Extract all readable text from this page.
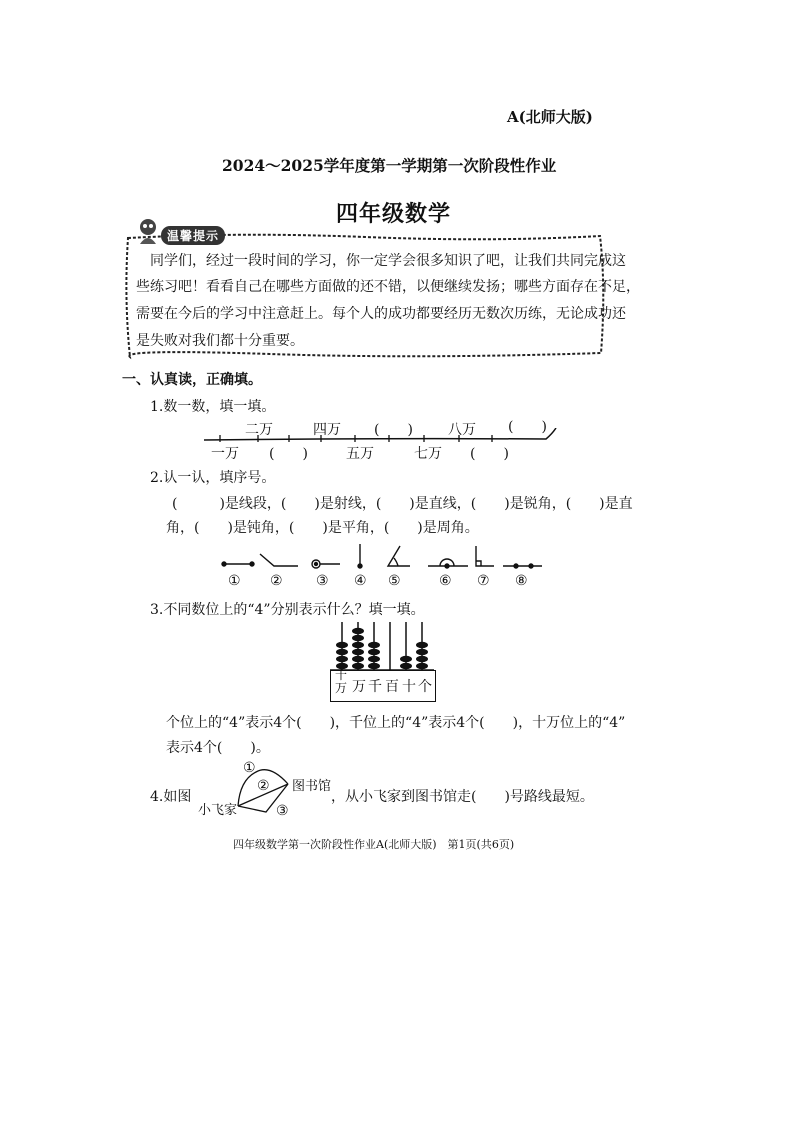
A(北师大版)
2024～2025学年度第一学期第一次阶段性作业
四年级数学
温馨提示
同学们，经过一段时间的学习，你一定学会很多知识了吧，让我们共同完成这
些练习吧！看看自己在哪些方面做的还不错，以便继续发扬；哪些方面存在不足，
需要在今后的学习中注意赶上。每个人的成功都要经历无数次历练，无论成功还
是失败对我们都十分重要。
一、认真读，正确填。
1.数一数，填一填。
二万	四万 (　　)	八万 (　　)
一万 (　　)	五万	七万 (　　)
2.认一认，填序号。
(　　　)是线段，(　　)是射线，(　　)是直线，(　　)是锐角，(　　)是直
角，(　　)是钝角，(　　)是平角，(　　)是周角。
① ② ③ ④ ⑤	⑥ ⑦ ⑧
3.不同数位上的“4”分别表示什么？填一填。
十万 万 千 百 十 个
个位上的“4”表示4个(　　)，千位上的“4”表示4个(　　)，十万位上的“4”
表示4个(　　)。
4.如图
小飞家
图书馆
①
②
③
，从小飞家到图书馆走(　　)号路线最短。
四年级数学第一次阶段性作业A(北师大版)　第1页(共6页)
